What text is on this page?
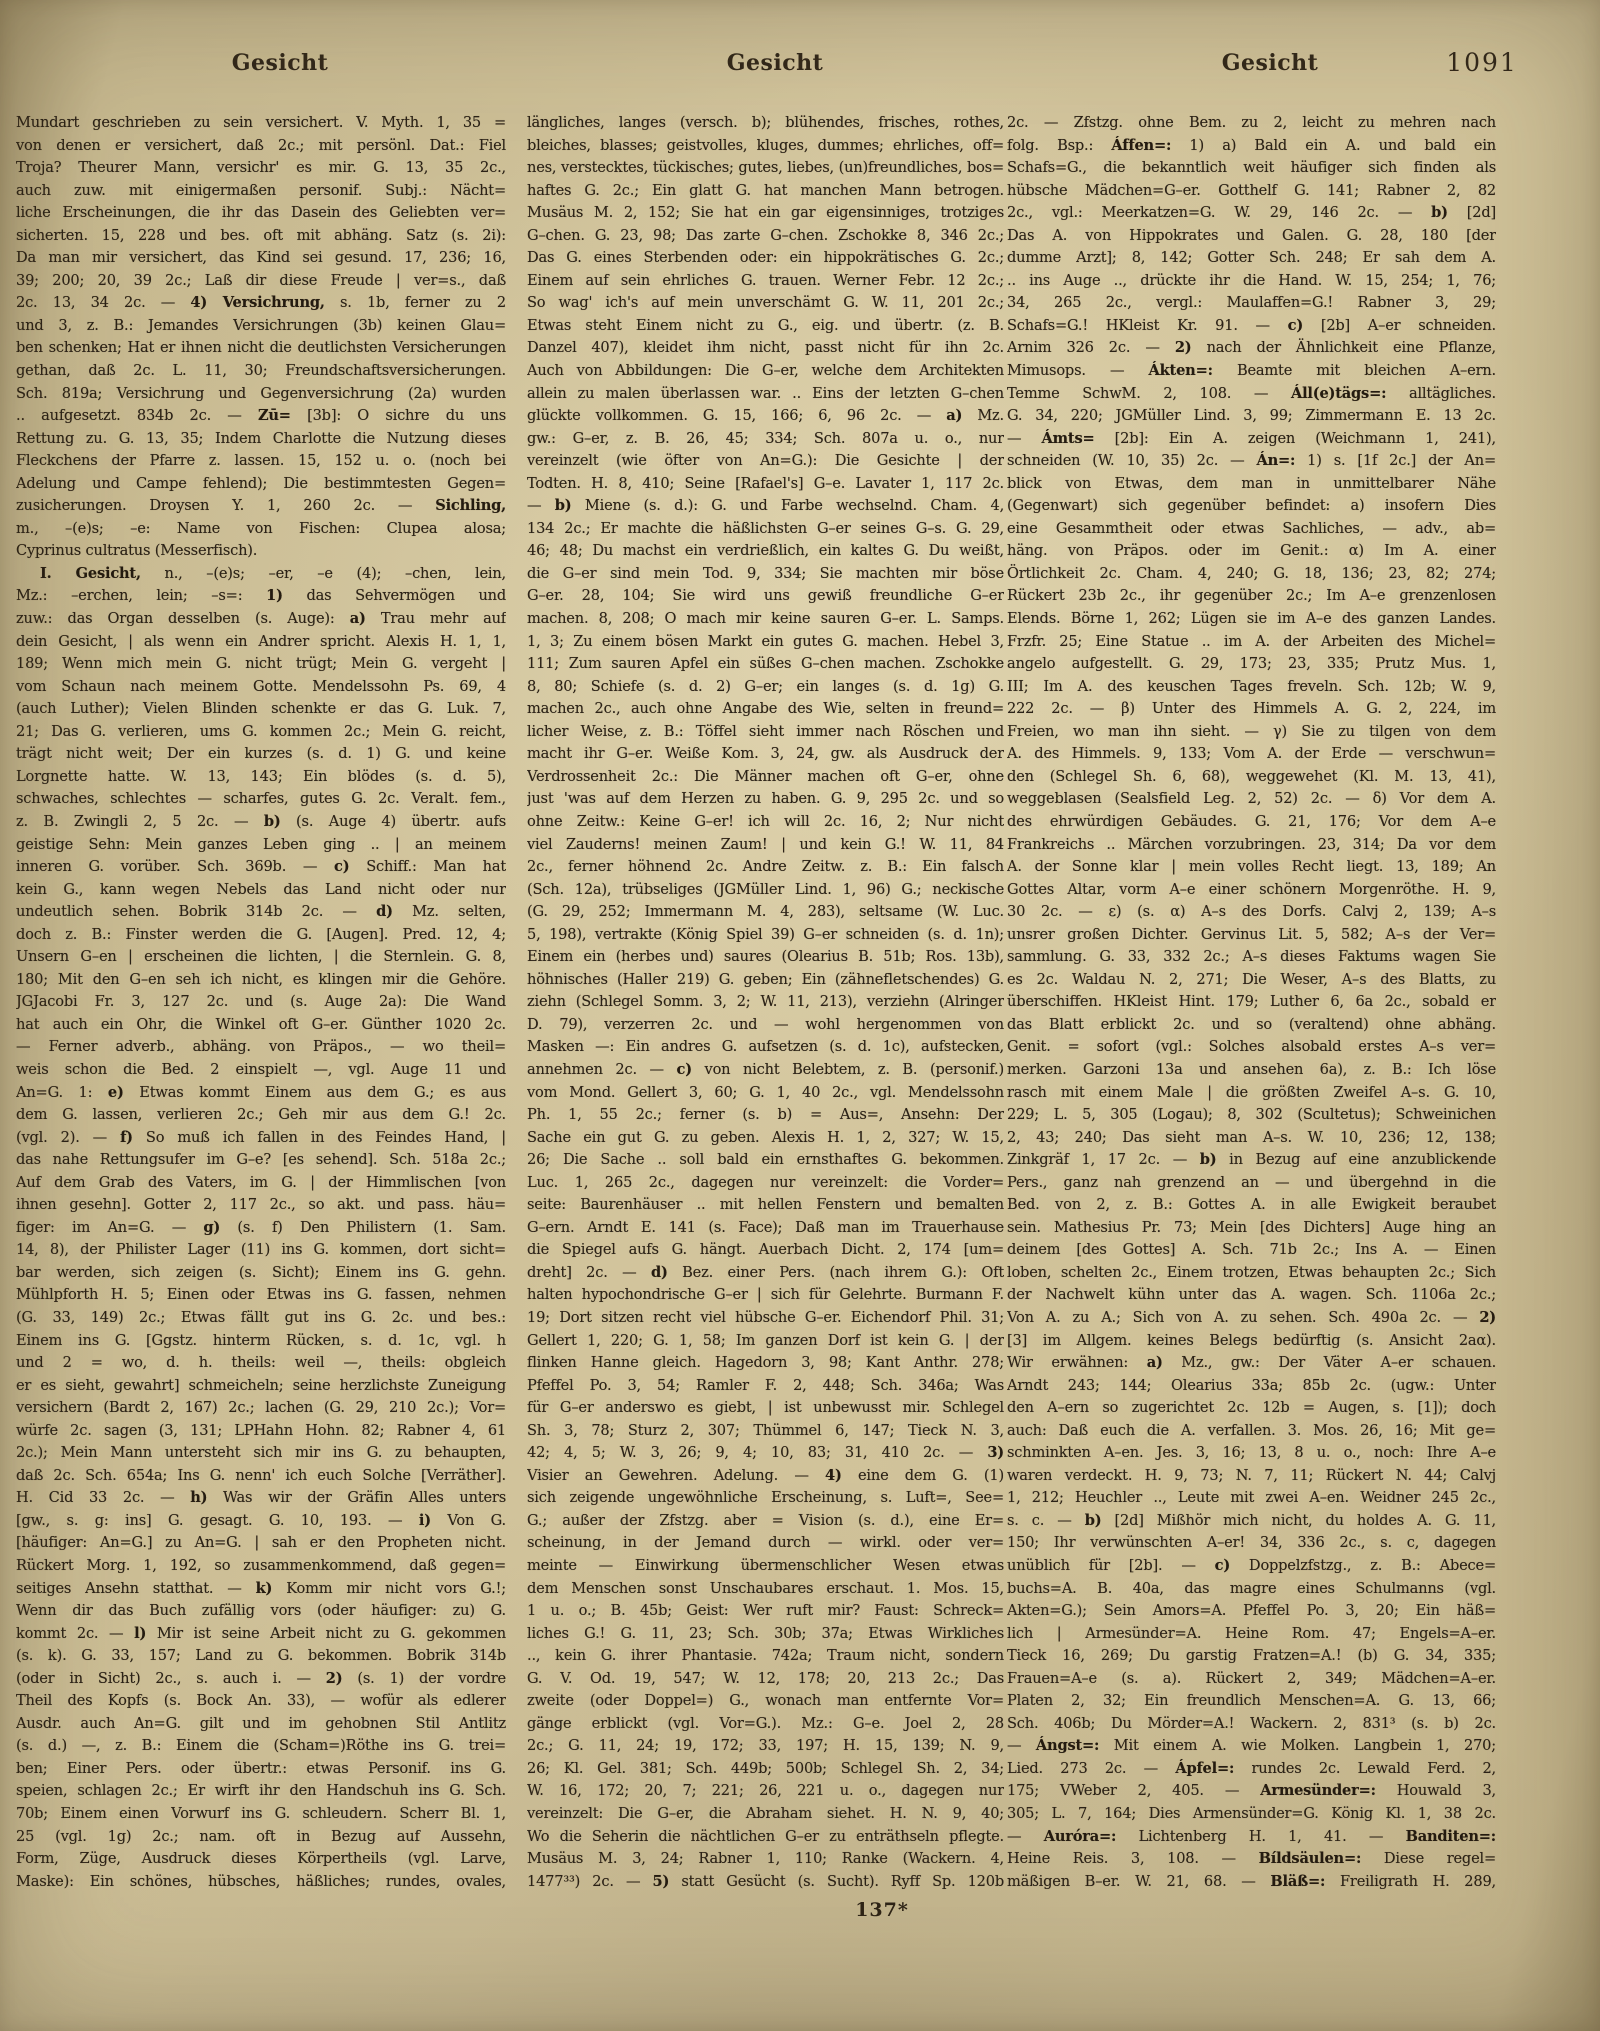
Gesicht	Gesicht	Gesicht	1091
Mundart geschrieben zu sein versichert. V. Myth. 1, 35 =
von denen er versichert, daß 2c.; mit persönl. Dat.: Fiel
Troja? Theurer Mann, versichr' es mir. G. 13, 35 2c.,
auch zuw. mit einigermaßen personif. Subj.: Nächt=
liche Erscheinungen, die ihr das Dasein des Geliebten ver=
sicherten. 15, 228 und bes. oft mit abhäng. Satz (s. 2i):
Da man mir versichert, das Kind sei gesund. 17, 236; 16,
39; 200; 20, 39 2c.; Laß dir diese Freude | ver=s., daß
2c. 13, 34 2c. — 4) Versichrung, s. 1b, ferner zu 2
und 3, z. B.: Jemandes Versichrungen (3b) keinen Glau=
ben schenken; Hat er ihnen nicht die deutlichsten Versicherungen
gethan, daß 2c. L. 11, 30; Freundschaftsversicherungen.
Sch. 819a; Versichrung und Gegenversichrung (2a) wurden
.. aufgesetzt. 834b 2c. — Zū= [3b]: O sichre du uns
Rettung zu. G. 13, 35; Indem Charlotte die Nutzung dieses
Fleckchens der Pfarre z. lassen. 15, 152 u. o. (noch bei
Adelung und Campe fehlend); Die bestimmtesten Gegen=
zusicherungen. Droysen Y. 1, 260 2c. — Sichling,
m., –(e)s; –e: Name von Fischen: Clupea alosa;
Cyprinus cultratus (Messerfisch).
I. Gesicht, n., –(e)s; –er, –e (4); –chen, lein,
Mz.: –erchen, lein; –s=: 1) das Sehvermögen und
zuw.: das Organ desselben (s. Auge): a) Trau mehr auf
dein Gesicht, | als wenn ein Andrer spricht. Alexis H. 1, 1,
189; Wenn mich mein G. nicht trügt; Mein G. vergeht |
vom Schaun nach meinem Gotte. Mendelssohn Ps. 69, 4
(auch Luther); Vielen Blinden schenkte er das G. Luk. 7,
21; Das G. verlieren, ums G. kommen 2c.; Mein G. reicht,
trägt nicht weit; Der ein kurzes (s. d. 1) G. und keine
Lorgnette hatte. W. 13, 143; Ein blödes (s. d. 5),
schwaches, schlechtes — scharfes, gutes G. 2c. Veralt. fem.,
z. B. Zwingli 2, 5 2c. — b) (s. Auge 4) übertr. aufs
geistige Sehn: Mein ganzes Leben ging .. | an meinem
inneren G. vorüber. Sch. 369b. — c) Schiff.: Man hat
kein G., kann wegen Nebels das Land nicht oder nur
undeutlich sehen. Bobrik 314b 2c. — d) Mz. selten,
doch z. B.: Finster werden die G. [Augen]. Pred. 12, 4;
Unsern G–en | erscheinen die lichten, | die Sternlein. G. 8,
180; Mit den G–en seh ich nicht, es klingen mir die Gehöre.
JGJacobi Fr. 3, 127 2c. und (s. Auge 2a): Die Wand
hat auch ein Ohr, die Winkel oft G–er. Günther 1020 2c.
— Ferner adverb., abhäng. von Präpos., — wo theil=
weis schon die Bed. 2 einspielt —, vgl. Auge 11 und
An=G. 1: e) Etwas kommt Einem aus dem G.; es aus
dem G. lassen, verlieren 2c.; Geh mir aus dem G.! 2c.
(vgl. 2). — f) So muß ich fallen in des Feindes Hand, |
das nahe Rettungsufer im G–e? [es sehend]. Sch. 518a 2c.;
Auf dem Grab des Vaters, im G. | der Himmlischen [von
ihnen gesehn]. Gotter 2, 117 2c., so akt. und pass. häu=
figer: im An=G. — g) (s. f) Den Philistern (1. Sam.
14, 8), der Philister Lager (11) ins G. kommen, dort sicht=
bar werden, sich zeigen (s. Sicht); Einem ins G. gehn.
Mühlpforth H. 5; Einen oder Etwas ins G. fassen, nehmen
(G. 33, 149) 2c.; Etwas fällt gut ins G. 2c. und bes.:
Einem ins G. [Ggstz. hinterm Rücken, s. d. 1c, vgl. h
und 2 = wo, d. h. theils: weil —, theils: obgleich
er es sieht, gewahrt] schmeicheln; seine herzlichste Zuneigung
versichern (Bardt 2, 167) 2c.; lachen (G. 29, 210 2c.); Vor=
würfe 2c. sagen (3, 131; LPHahn Hohn. 82; Rabner 4, 61
2c.); Mein Mann untersteht sich mir ins G. zu behaupten,
daß 2c. Sch. 654a; Ins G. nenn' ich euch Solche [Verräther].
H. Cid 33 2c. — h) Was wir der Gräfin Alles unters
[gw., s. g: ins] G. gesagt. G. 10, 193. — i) Von G.
[häufiger: An=G.] zu An=G. | sah er den Propheten nicht.
Rückert Morg. 1, 192, so zusammenkommend, daß gegen=
seitiges Ansehn statthat. — k) Komm mir nicht vors G.!;
Wenn dir das Buch zufällig vors (oder häufiger: zu) G.
kommt 2c. — l) Mir ist seine Arbeit nicht zu G. gekommen
(s. k). G. 33, 157; Land zu G. bekommen. Bobrik 314b
(oder in Sicht) 2c., s. auch i. — 2) (s. 1) der vordre
Theil des Kopfs (s. Bock An. 33), — wofür als edlerer
Ausdr. auch An=G. gilt und im gehobnen Stil Antlitz
(s. d.) —, z. B.: Einem die (Scham=)Röthe ins G. trei=
ben; Einer Pers. oder übertr.: etwas Personif. ins G.
speien, schlagen 2c.; Er wirft ihr den Handschuh ins G. Sch.
70b; Einem einen Vorwurf ins G. schleudern. Scherr Bl. 1,
25 (vgl. 1g) 2c.; nam. oft in Bezug auf Aussehn,
Form, Züge, Ausdruck dieses Körpertheils (vgl. Larve,
Maske): Ein schönes, hübsches, häßliches; rundes, ovales,
längliches, langes (versch. b); blühendes, frisches, rothes,
bleiches, blasses; geistvolles, kluges, dummes; ehrliches, off=
nes, verstecktes, tückisches; gutes, liebes, (un)freundliches, bos=
haftes G. 2c.; Ein glatt G. hat manchen Mann betrogen.
Musäus M. 2, 152; Sie hat ein gar eigensinniges, trotziges
G–chen. G. 23, 98; Das zarte G–chen. Zschokke 8, 346 2c.;
Das G. eines Sterbenden oder: ein hippokrätisches G. 2c.;
Einem auf sein ehrliches G. trauen. Werner Febr. 12 2c.;
So wag' ich's auf mein unverschämt G. W. 11, 201 2c.;
Etwas steht Einem nicht zu G., eig. und übertr. (z. B.
Danzel 407), kleidet ihm nicht, passt nicht für ihn 2c.
Auch von Abbildungen: Die G–er, welche dem Architekten
allein zu malen überlassen war. .. Eins der letzten G–chen
glückte vollkommen. G. 15, 166; 6, 96 2c. — a) Mz.
gw.: G–er, z. B. 26, 45; 334; Sch. 807a u. o., nur
vereinzelt (wie öfter von An=G.): Die Gesichte | der
Todten. H. 8, 410; Seine [Rafael's] G–e. Lavater 1, 117 2c.
— b) Miene (s. d.): G. und Farbe wechselnd. Cham. 4,
134 2c.; Er machte die häßlichsten G–er seines G–s. G. 29,
46; 48; Du machst ein verdrießlich, ein kaltes G. Du weißt,
die G–er sind mein Tod. 9, 334; Sie machten mir böse
G–er. 28, 104; Sie wird uns gewiß freundliche G–er
machen. 8, 208; O mach mir keine sauren G–er. L. Samps.
1, 3; Zu einem bösen Markt ein gutes G. machen. Hebel 3,
111; Zum sauren Apfel ein süßes G–chen machen. Zschokke
8, 80; Schiefe (s. d. 2) G–er; ein langes (s. d. 1g) G.
machen 2c., auch ohne Angabe des Wie, selten in freund=
licher Weise, z. B.: Töffel sieht immer nach Röschen und
macht ihr G–er. Weiße Kom. 3, 24, gw. als Ausdruck der
Verdrossenheit 2c.: Die Männer machen oft G–er, ohne
just 'was auf dem Herzen zu haben. G. 9, 295 2c. und so
ohne Zeitw.: Keine G–er! ich will 2c. 16, 2; Nur nicht
viel Zauderns! meinen Zaum! | und kein G.! W. 11, 84
2c., ferner höhnend 2c. Andre Zeitw. z. B.: Ein falsch
(Sch. 12a), trübseliges (JGMüller Lind. 1, 96) G.; neckische
(G. 29, 252; Immermann M. 4, 283), seltsame (W. Luc.
5, 198), vertrakte (König Spiel 39) G–er schneiden (s. d. 1n);
Einem ein (herbes und) saures (Olearius B. 51b; Ros. 13b),
höhnisches (Haller 219) G. geben; Ein (zähnefletschendes) G.
ziehn (Schlegel Somm. 3, 2; W. 11, 213), verziehn (Alringer
D. 79), verzerren 2c. und — wohl hergenommen von
Masken —: Ein andres G. aufsetzen (s. d. 1c), aufstecken,
annehmen 2c. — c) von nicht Belebtem, z. B. (personif.)
vom Mond. Gellert 3, 60; G. 1, 40 2c., vgl. Mendelssohn
Ph. 1, 55 2c.; ferner (s. b) = Aus=, Ansehn: Der
Sache ein gut G. zu geben. Alexis H. 1, 2, 327; W. 15,
26; Die Sache .. soll bald ein ernsthaftes G. bekommen.
Luc. 1, 265 2c., dagegen nur vereinzelt: die Vorder=
seite: Baurenhäuser .. mit hellen Fenstern und bemalten
G–ern. Arndt E. 141 (s. Face); Daß man im Trauerhause
die Spiegel aufs G. hängt. Auerbach Dicht. 2, 174 [um=
dreht] 2c. — d) Bez. einer Pers. (nach ihrem G.): Oft
halten hypochondrische G–er | sich für Gelehrte. Burmann F.
19; Dort sitzen recht viel hübsche G–er. Eichendorf Phil. 31;
Gellert 1, 220; G. 1, 58; Im ganzen Dorf ist kein G. | der
flinken Hanne gleich. Hagedorn 3, 98; Kant Anthr. 278;
Pfeffel Po. 3, 54; Ramler F. 2, 448; Sch. 346a; Was
für G–er anderswo es giebt, | ist unbewusst mir. Schlegel
Sh. 3, 78; Sturz 2, 307; Thümmel 6, 147; Tieck N. 3,
42; 4, 5; W. 3, 26; 9, 4; 10, 83; 31, 410 2c. — 3)
Visier an Gewehren. Adelung. — 4) eine dem G. (1)
sich zeigende ungewöhnliche Erscheinung, s. Luft=, See=
G.; außer der Zfstzg. aber = Vision (s. d.), eine Er=
scheinung, in der Jemand durch — wirkl. oder ver=
meinte — Einwirkung übermenschlicher Wesen etwas
dem Menschen sonst Unschaubares erschaut. 1. Mos. 15,
1 u. o.; B. 45b; Geist: Wer ruft mir? Faust: Schreck=
liches G.! G. 11, 23; Sch. 30b; 37a; Etwas Wirkliches
.., kein G. ihrer Phantasie. 742a; Traum nicht, sondern
G. V. Od. 19, 547; W. 12, 178; 20, 213 2c.; Das
zweite (oder Doppel=) G., wonach man entfernte Vor=
gänge erblickt (vgl. Vor=G.). Mz.: G–e. Joel 2, 28
2c.; G. 11, 24; 19, 172; 33, 197; H. 15, 139; N. 9,
26; Kl. Gel. 381; Sch. 449b; 500b; Schlegel Sh. 2, 34;
W. 16, 172; 20, 7; 221; 26, 221 u. o., dagegen nur
vereinzelt: Die G–er, die Abraham siehet. H. N. 9, 40;
Wo die Seherin die nächtlichen G–er zu enträthseln pflegte.
Musäus M. 3, 24; Rabner 1, 110; Ranke (Wackern. 4,
1477³³) 2c. — 5) statt Gesücht (s. Sucht). Ryff Sp. 120b
2c. — Zfstzg. ohne Bem. zu 2, leicht zu mehren nach
folg. Bsp.: Áffen=: 1) a) Bald ein A. und bald ein
Schafs=G., die bekanntlich weit häufiger sich finden als
hübsche Mädchen=G–er. Gotthelf G. 141; Rabner 2, 82
2c., vgl.: Meerkatzen=G. W. 29, 146 2c. — b) [2d]
Das A. von Hippokrates und Galen. G. 28, 180 [der
dumme Arzt]; 8, 142; Gotter Sch. 248; Er sah dem A.
.. ins Auge .., drückte ihr die Hand. W. 15, 254; 1, 76;
34, 265 2c., vergl.: Maulaffen=G.! Rabner 3, 29;
Schafs=G.! HKleist Kr. 91. — c) [2b] A–er schneiden.
Arnim 326 2c. — 2) nach der Ähnlichkeit eine Pflanze,
Mimusops. — Ákten=: Beamte mit bleichen A–ern.
Temme SchwM. 2, 108. — Áll(e)tägs=: alltägliches.
G. 34, 220; JGMüller Lind. 3, 99; Zimmermann E. 13 2c.
— Ámts= [2b]: Ein A. zeigen (Weichmann 1, 241),
schneiden (W. 10, 35) 2c. — Án=: 1) s. [1f 2c.] der An=
blick von Etwas, dem man in unmittelbarer Nähe
(Gegenwart) sich gegenüber befindet: a) insofern Dies
eine Gesammtheit oder etwas Sachliches, — adv., ab=
häng. von Präpos. oder im Genit.: α) Im A. einer
Örtlichkeit 2c. Cham. 4, 240; G. 18, 136; 23, 82; 274;
Rückert 23b 2c., ihr gegenüber 2c.; Im A–e grenzenlosen
Elends. Börne 1, 262; Lügen sie im A–e des ganzen Landes.
Frzfr. 25; Eine Statue .. im A. der Arbeiten des Michel=
angelo aufgestellt. G. 29, 173; 23, 335; Prutz Mus. 1,
III; Im A. des keuschen Tages freveln. Sch. 12b; W. 9,
222 2c. — β) Unter des Himmels A. G. 2, 224, im
Freien, wo man ihn sieht. — γ) Sie zu tilgen von dem
A. des Himmels. 9, 133; Vom A. der Erde — verschwun=
den (Schlegel Sh. 6, 68), weggewehet (Kl. M. 13, 41),
weggeblasen (Sealsfield Leg. 2, 52) 2c. — δ) Vor dem A.
des ehrwürdigen Gebäudes. G. 21, 176; Vor dem A–e
Frankreichs .. Märchen vorzubringen. 23, 314; Da vor dem
A. der Sonne klar | mein volles Recht liegt. 13, 189; An
Gottes Altar, vorm A–e einer schönern Morgenröthe. H. 9,
30 2c. — ε) (s. α) A–s des Dorfs. Calvj 2, 139; A–s
unsrer großen Dichter. Gervinus Lit. 5, 582; A–s der Ver=
sammlung. G. 33, 332 2c.; A–s dieses Faktums wagen Sie
es 2c. Waldau N. 2, 271; Die Weser, A–s des Blatts, zu
überschiffen. HKleist Hint. 179; Luther 6, 6a 2c., sobald er
das Blatt erblickt 2c. und so (veraltend) ohne abhäng.
Genit. = sofort (vgl.: Solches alsobald erstes A–s ver=
merken. Garzoni 13a und ansehen 6a), z. B.: Ich löse
rasch mit einem Male | die größten Zweifel A–s. G. 10,
229; L. 5, 305 (Logau); 8, 302 (Scultetus); Schweinichen
2, 43; 240; Das sieht man A–s. W. 10, 236; 12, 138;
Zinkgräf 1, 17 2c. — b) in Bezug auf eine anzublickende
Pers., ganz nah grenzend an — und übergehnd in die
Bed. von 2, z. B.: Gottes A. in alle Ewigkeit beraubet
sein. Mathesius Pr. 73; Mein [des Dichters] Auge hing an
deinem [des Gottes] A. Sch. 71b 2c.; Ins A. — Einen
loben, schelten 2c., Einem trotzen, Etwas behaupten 2c.; Sich
der Nachwelt kühn unter das A. wagen. Sch. 1106a 2c.;
Von A. zu A.; Sich von A. zu sehen. Sch. 490a 2c. — 2)
[3] im Allgem. keines Belegs bedürftig (s. Ansicht 2aα).
Wir erwähnen: a) Mz., gw.: Der Väter A–er schauen.
Arndt 243; 144; Olearius 33a; 85b 2c. (ugw.: Unter
den A–ern so zugerichtet 2c. 12b = Augen, s. [1]); doch
auch: Daß euch die A. verfallen. 3. Mos. 26, 16; Mit ge=
schminkten A–en. Jes. 3, 16; 13, 8 u. o., noch: Ihre A–e
waren verdeckt. H. 9, 73; N. 7, 11; Rückert N. 44; Calvj
1, 212; Heuchler .., Leute mit zwei A–en. Weidner 245 2c.,
s. c. — b) [2d] Mißhör mich nicht, du holdes A. G. 11,
150; Ihr verwünschten A–er! 34, 336 2c., s. c, dagegen
unüblich für [2b]. — c) Doppelzfstzg., z. B.: Abece=
buchs=A. B. 40a, das magre eines Schulmanns (vgl.
Akten=G.); Sein Amors=A. Pfeffel Po. 3, 20; Ein häß=
lich | Armesünder=A. Heine Rom. 47; Engels=A–er.
Tieck 16, 269; Du garstig Fratzen=A.! (b) G. 34, 335;
Frauen=A–e (s. a). Rückert 2, 349; Mädchen=A–er.
Platen 2, 32; Ein freundlich Menschen=A. G. 13, 66;
Sch. 406b; Du Mörder=A.! Wackern. 2, 831³ (s. b) 2c.
— Ángst=: Mit einem A. wie Molken. Langbein 1, 270;
Lied. 273 2c. — Ápfel=: rundes 2c. Lewald Ferd. 2,
175; VWeber 2, 405. — Armesünder=: Houwald 3,
305; L. 7, 164; Dies Armensünder=G. König Kl. 1, 38 2c.
— Auróra=: Lichtenberg H. 1, 41. — Banditen=:
Heine Reis. 3, 108. — Bíldsäulen=: Diese regel=
mäßigen B–er. W. 21, 68. — Bläß=: Freiligrath H. 289,
137*
